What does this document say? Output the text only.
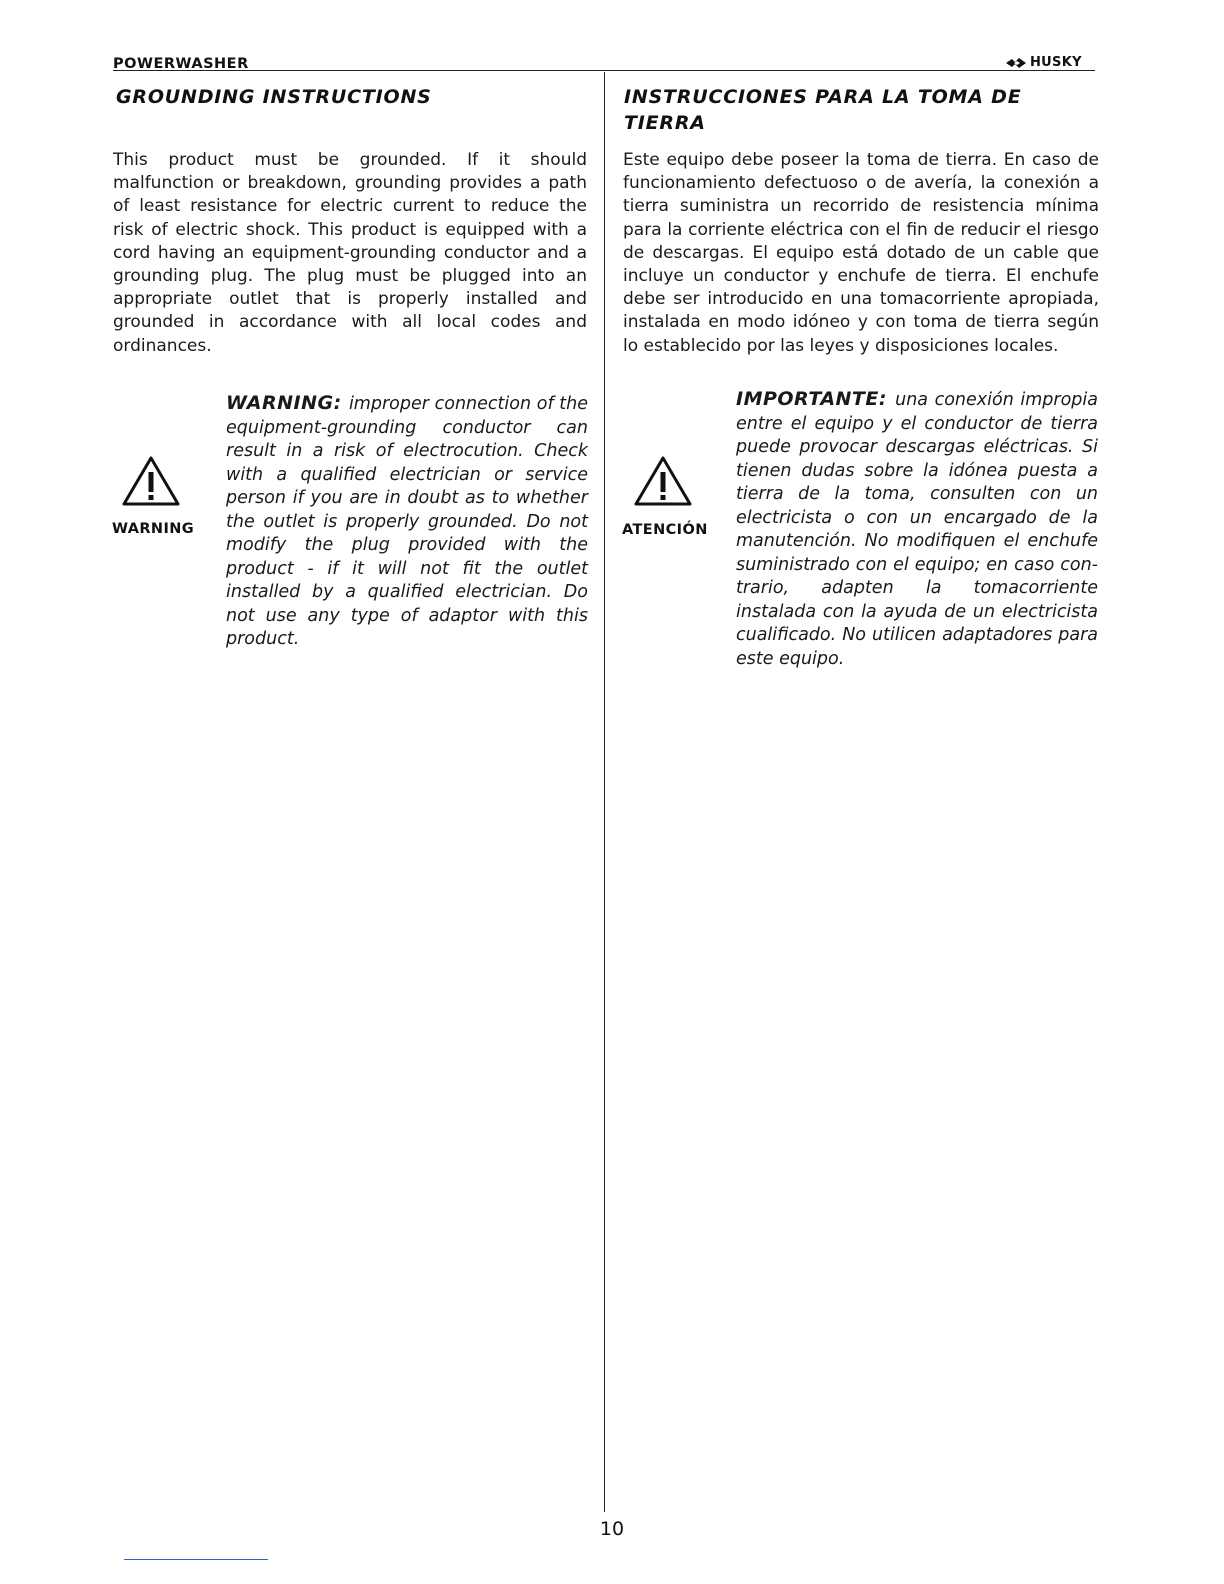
POWERWASHER	HUSKY
GROUNDING INSTRUCTIONS
This product must be grounded. If it should malfunction or breakdown, grounding provides a path of least resistance for electric current to reduce the risk of electric shock. This product is equipped with a cord having an equipment-grounding conductor and a grounding plug. The plug must be plugged into an appropriate outlet that is properly installed and grounded in accordance with all local codes and ordinances.
WARNING
WARNING: improper connection of the equipment-grounding conductor can result in a risk of electrocution. Check with a qualified electrician or service person if you are in doubt as to whether the outlet is properly grounded. Do not modify the plug provided with the product - if it will not fit the outlet installed by a qualified electrician. Do not use any type of adaptor with this product.
INSTRUCCIONES PARA LA TOMA DE TIERRA
Este equipo debe poseer la toma de tierra. En caso de funcionamiento defectuoso o de avería, la conexión a tierra suministra un recorrido de resistencia mínima para la corriente eléctrica con el fin de reducir el riesgo de descargas. El equipo está dotado de un cable que incluye un conductor y enchufe de tierra. El enchufe debe ser introducido en una tomacorriente apropiada, instalada en modo idóneo y con toma de tierra según lo establecido por las leyes y disposiciones locales.
ATENCIÓN
IMPORTANTE: una conexión impropia entre el equipo y el conductor de tierra puede provocar descargas eléctricas. Si tienen dudas sobre la idónea puesta a tierra de la toma, consulten con un electricista o con un encargado de la manutención. No modifiquen el enchufe suministrado con el equipo; en caso con-trario, adapten la tomacorriente instalada con la ayuda de un electricista cualificado. No utilicen adaptadores para este equipo.
10
